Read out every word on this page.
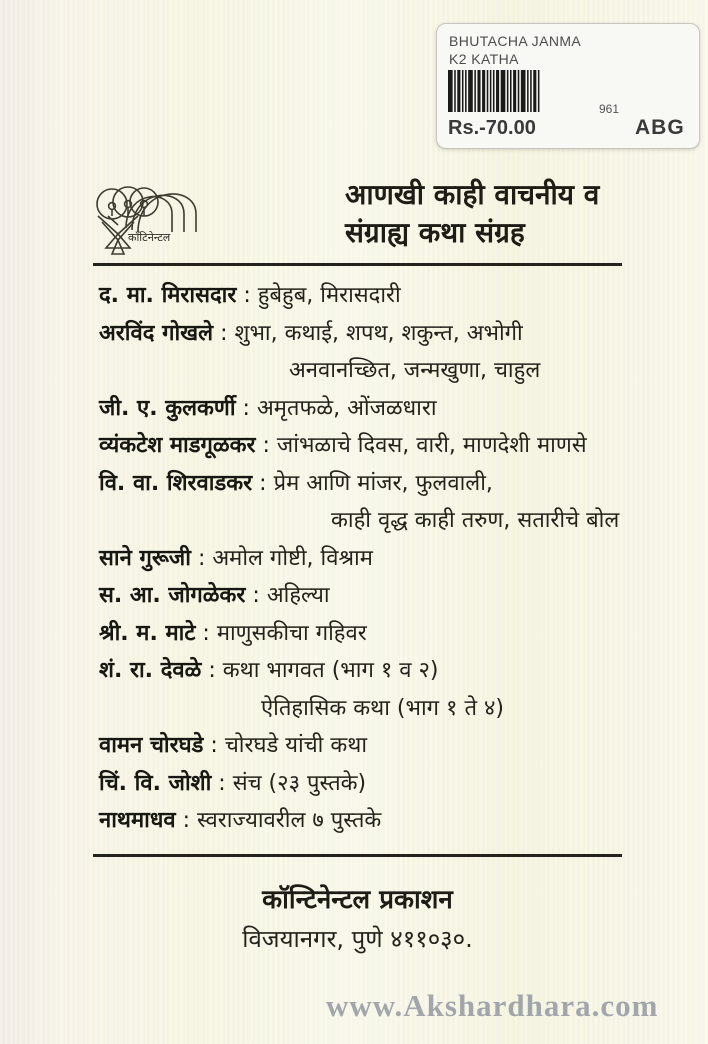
BHUTACHA JANMA
K2 KATHA
Rs.-70.00
961
ABG
कॉंटिनेन्टल
आणखी काही वाचनीय व
संग्राह्य कथा संग्रह
द. मा. मिरासदार : हुबेहुब, मिरासदारी
अरविंद गोखले : शुभा, कथाई, शपथ, शकुन्त, अभोगी
अनवानच्छित, जन्मखुणा, चाहुल
जी. ए. कुलकर्णी : अमृतफळे, ओंजळधारा
व्यंकटेश माडगूळकर : जांभळाचे दिवस, वारी, माणदेशी माणसे
वि. वा. शिरवाडकर : प्रेम आणि मांजर, फुलवाली,
काही वृद्ध काही तरुण, सतारीचे बोल
साने गुरूजी : अमोल गोष्टी, विश्राम
स. आ. जोगळेकर : अहिल्या
श्री. म. माटे : माणुसकीचा गहिवर
शं. रा. देवळे : कथा भागवत (भाग १ व २)
ऐतिहासिक कथा (भाग १ ते ४)
वामन चोरघडे : चोरघडे यांची कथा
चिं. वि. जोशी : संच (२३ पुस्तके)
नाथमाधव : स्वराज्यावरील ७ पुस्तके
कॉन्टिनेन्टल प्रकाशन
विजयानगर, पुणे ४११०३०.
www.Akshardhara.com
